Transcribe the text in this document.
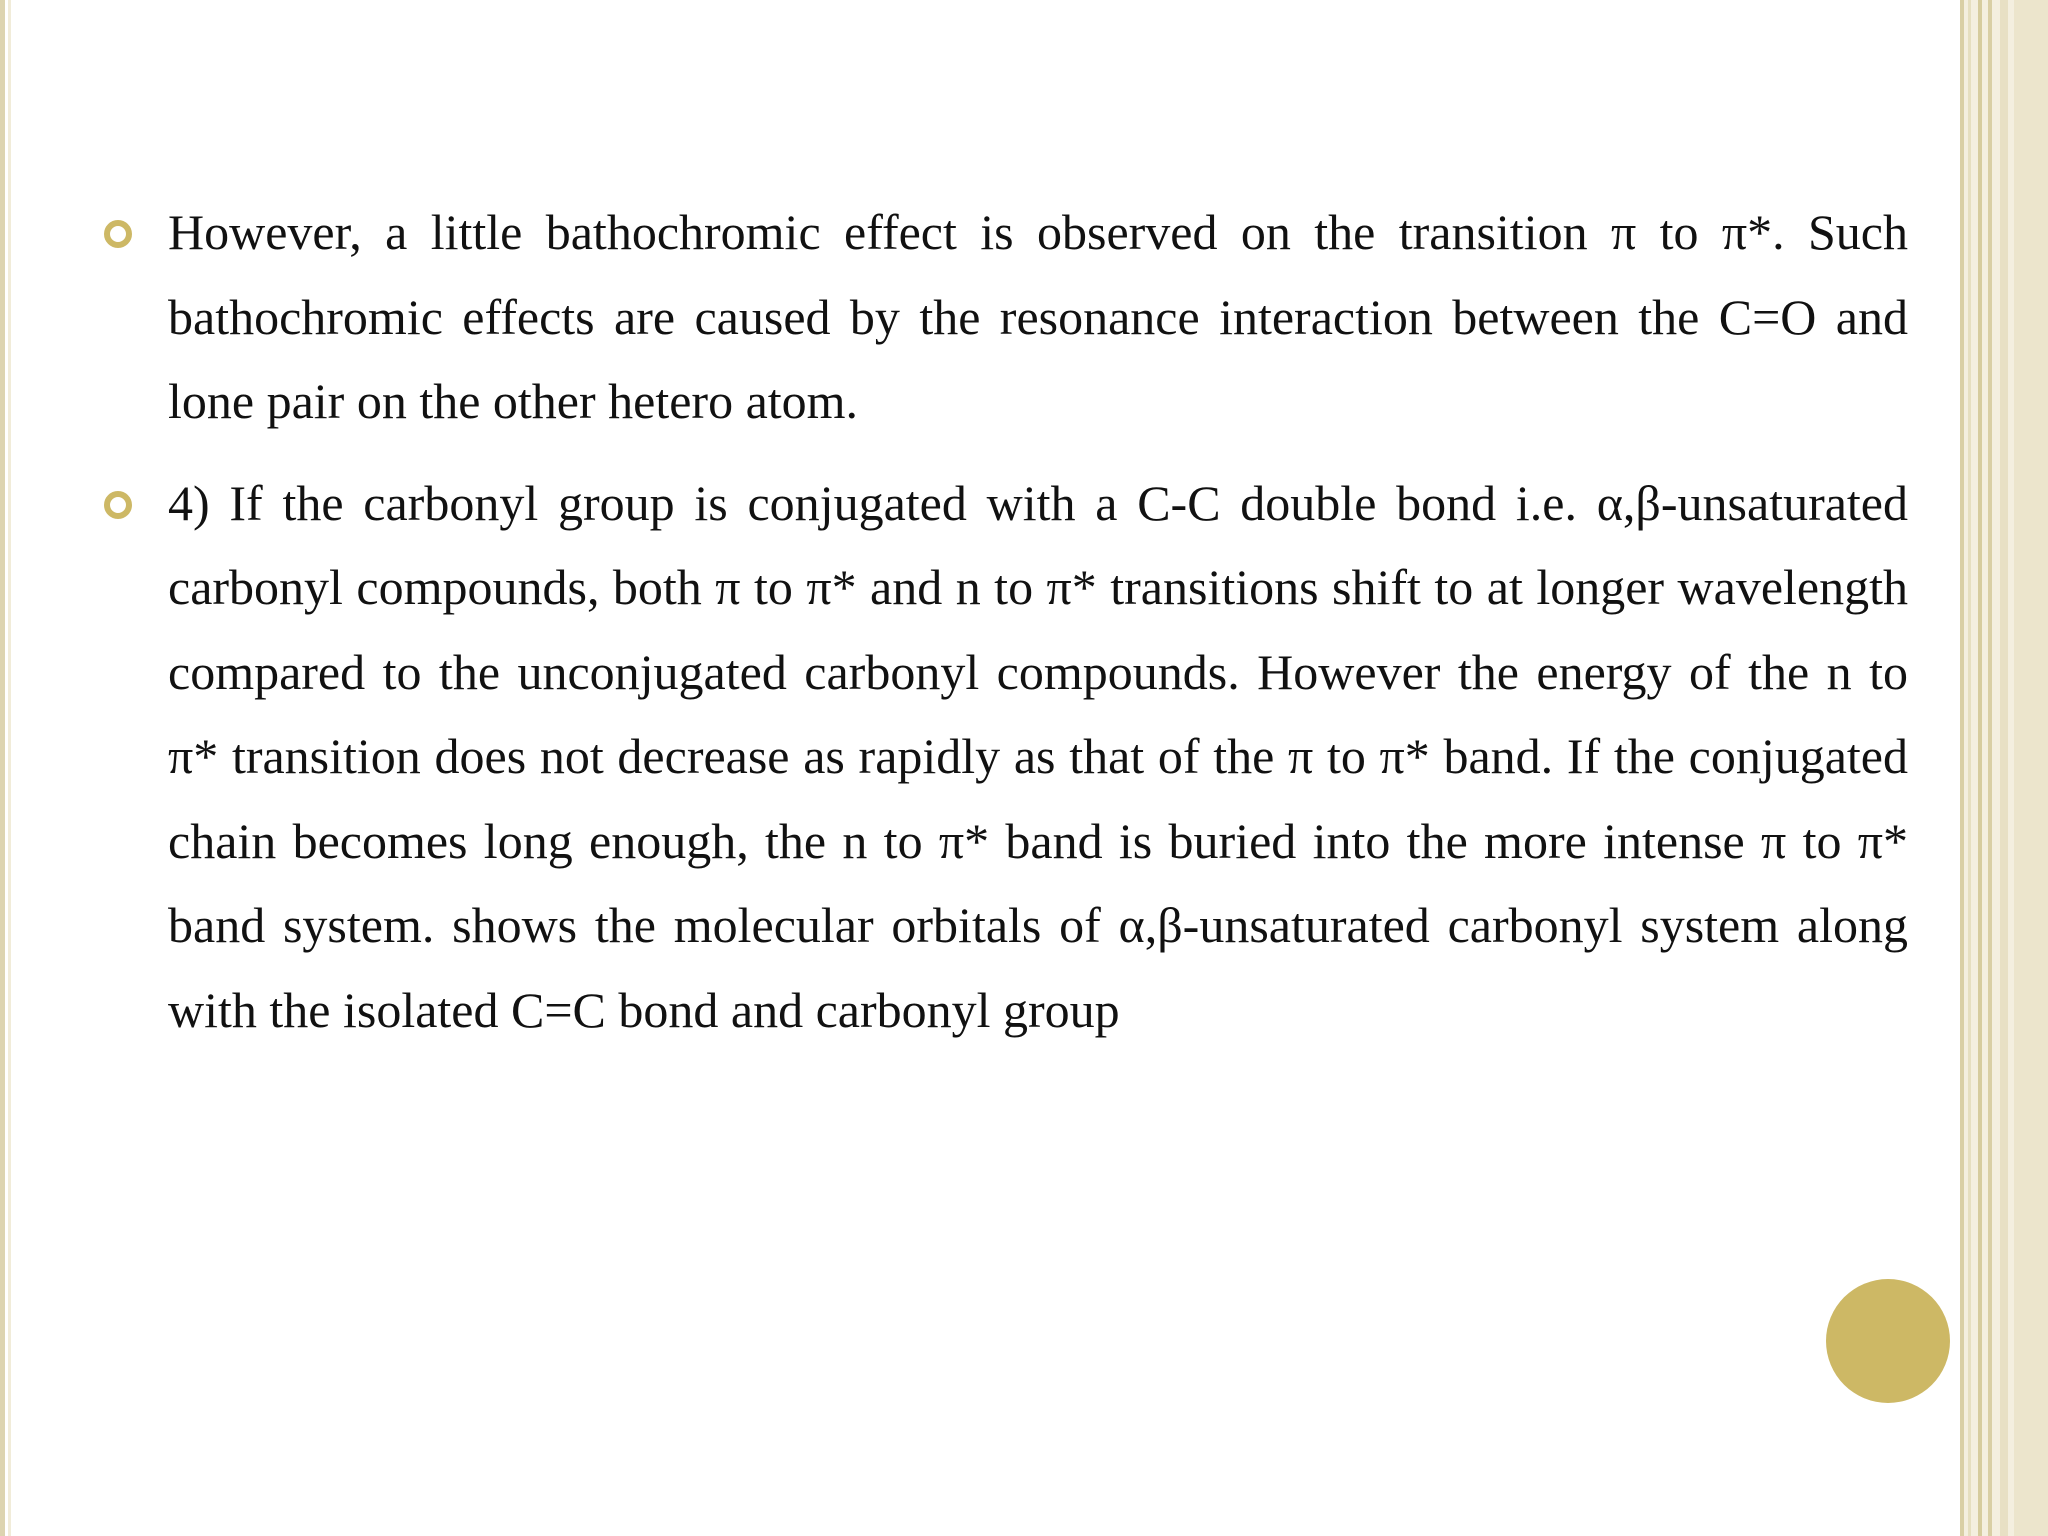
However, a little bathochromic effect is observed on the transition π to π*. Such bathochromic effects are caused by the resonance interaction between the C=O and lone pair on the other hetero atom.

4) If the carbonyl group is conjugated with a C-C double bond i.e. α,β-unsaturated carbonyl compounds, both π to π* and n to π* transitions shift to at longer wavelength compared to the unconjugated carbonyl compounds. However the energy of the n to π* transition does not decrease as rapidly as that of the π to π* band. If the conjugated chain becomes long enough, the n to π* band is buried into the more intense π to π* band system. shows the molecular orbitals of α,β-unsaturated carbonyl system along with the isolated C=C bond and carbonyl group
